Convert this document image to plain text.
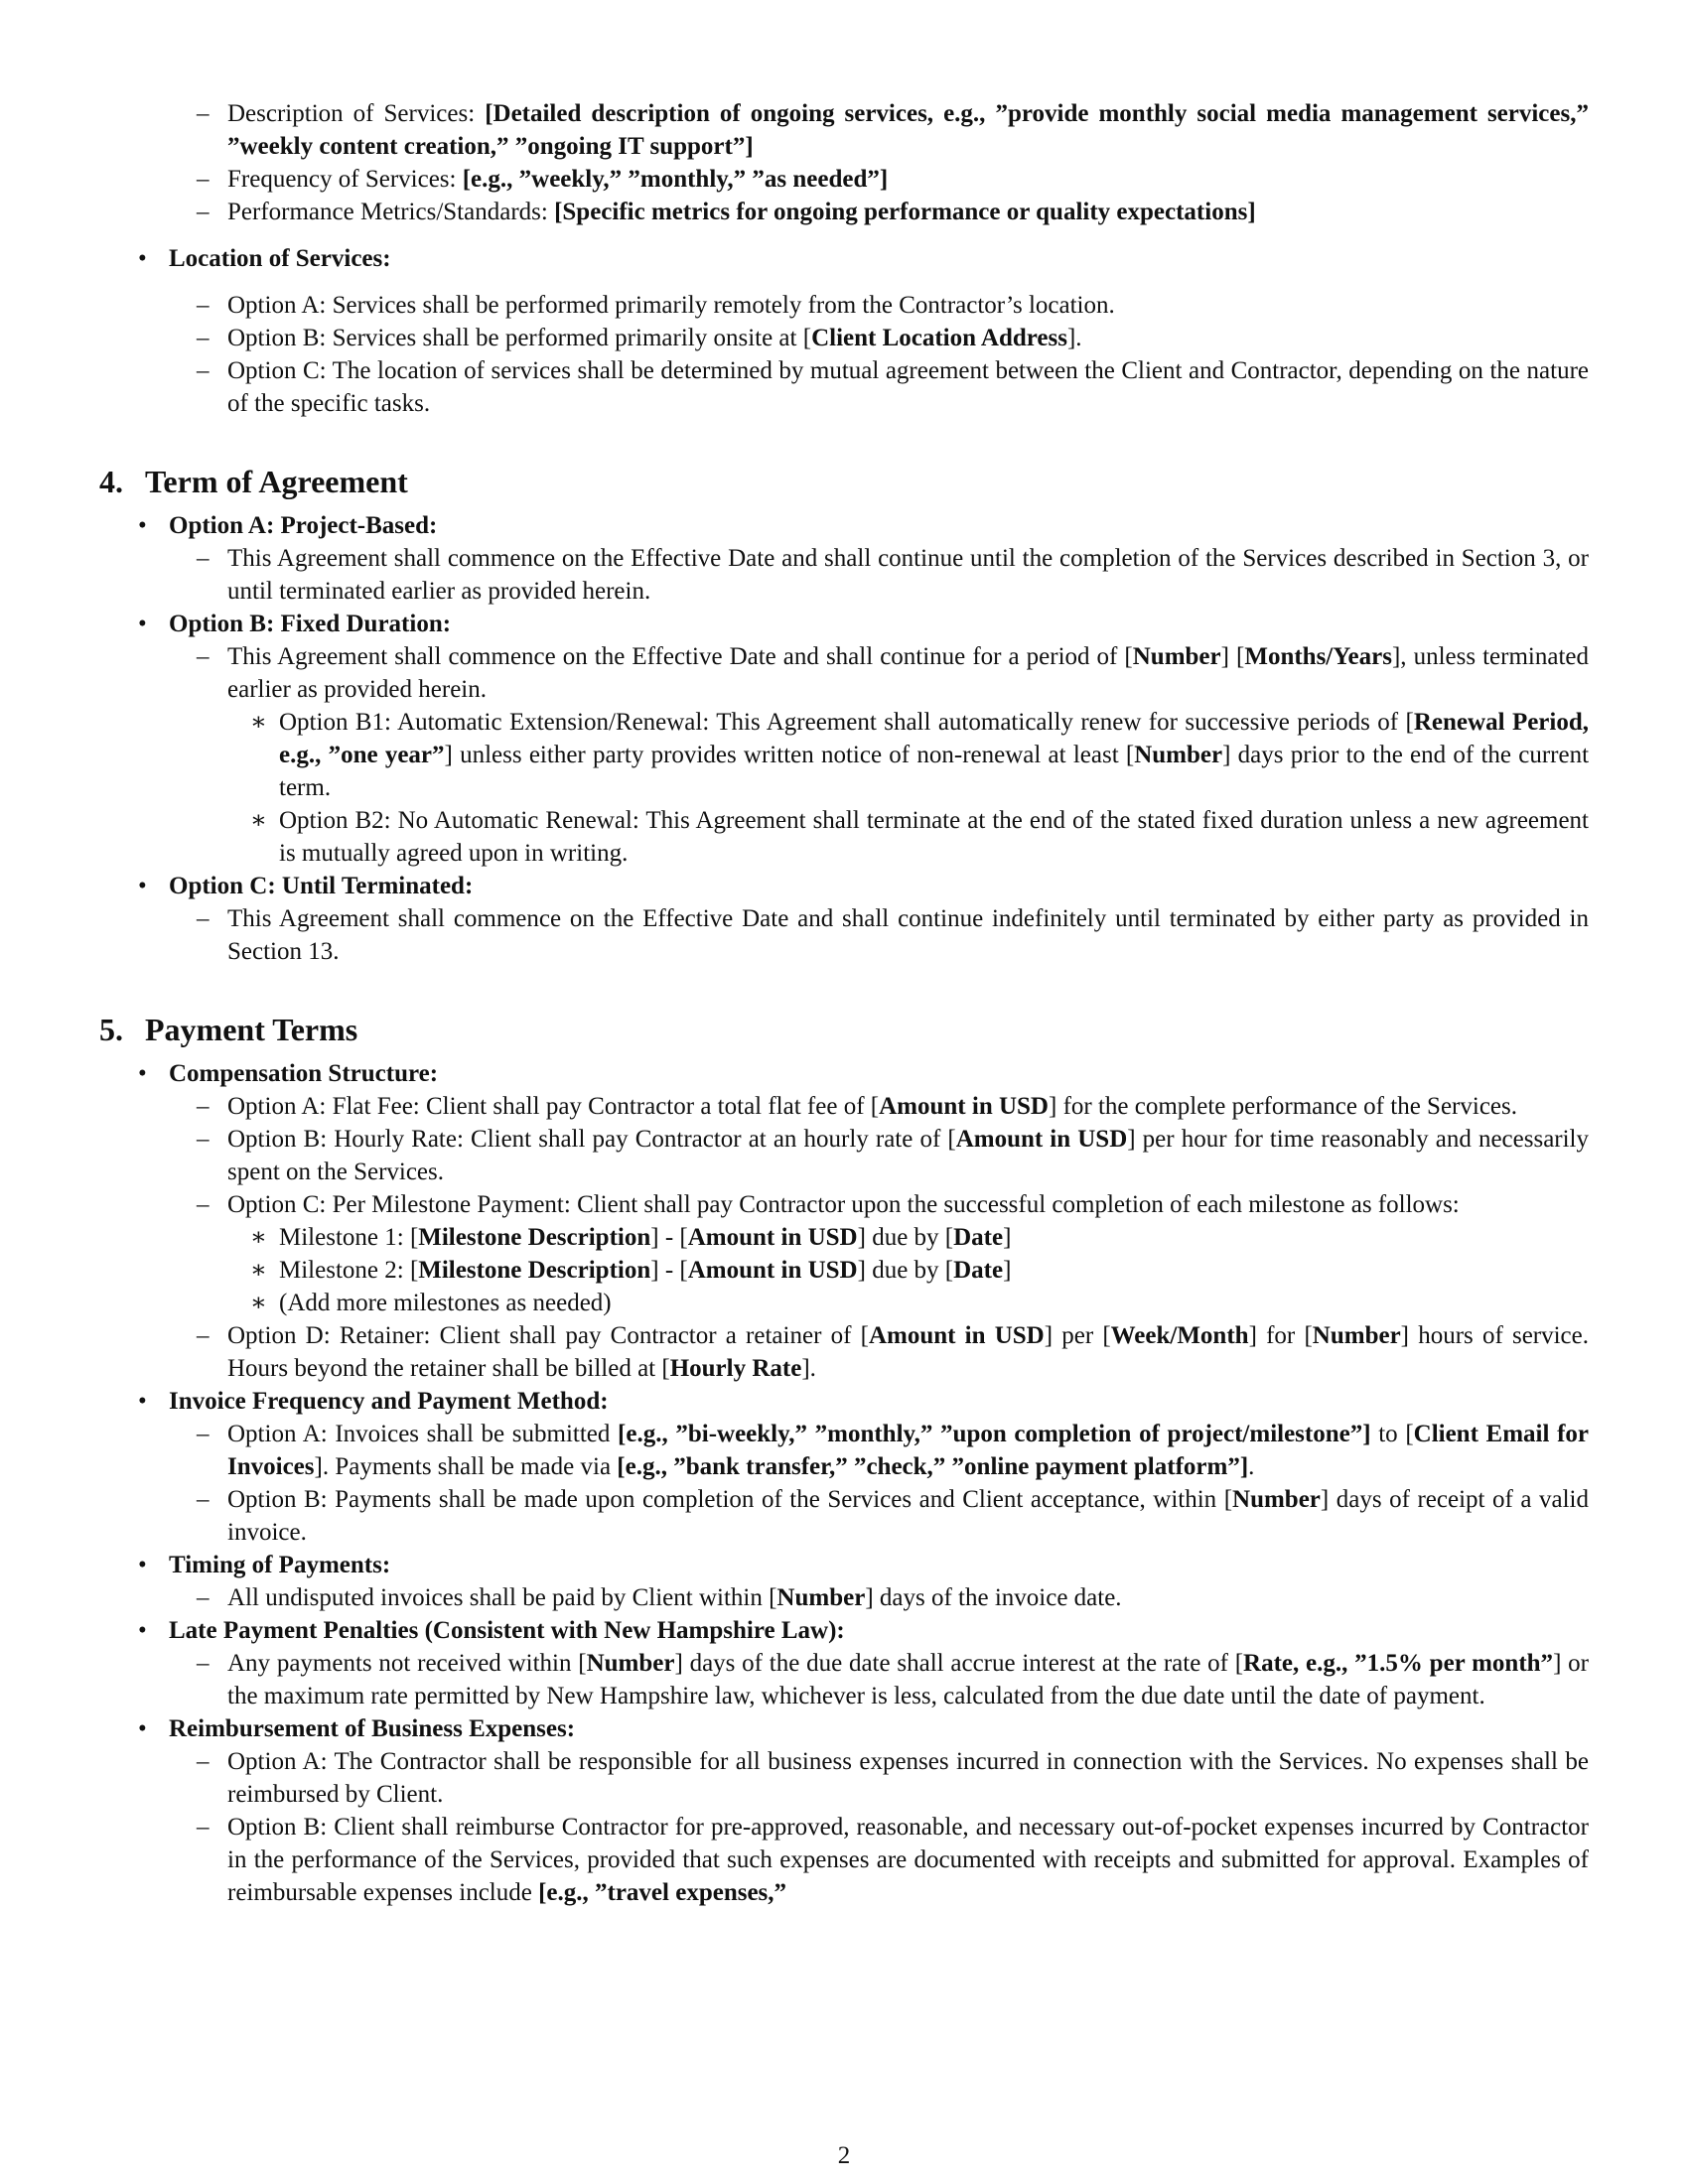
– Description of Services: [Detailed description of ongoing services, e.g., ”provide monthly social media management services,” ”weekly content creation,” ”ongoing IT support”]
– Frequency of Services: [e.g., ”weekly,” ”monthly,” ”as needed”]
– Performance Metrics/Standards: [Specific metrics for ongoing performance or quality expectations]
• Location of Services:
– Option A: Services shall be performed primarily remotely from the Contractor’s location.
– Option B: Services shall be performed primarily onsite at [Client Location Address].
– Option C: The location of services shall be determined by mutual agreement between the Client and Contractor, depending on the nature of the specific tasks.
4. Term of Agreement
• Option A: Project-Based:
– This Agreement shall commence on the Effective Date and shall continue until the completion of the Services described in Section 3, or until terminated earlier as provided herein.
• Option B: Fixed Duration:
– This Agreement shall commence on the Effective Date and shall continue for a period of [Number] [Months/Years], unless terminated earlier as provided herein.
∗ Option B1: Automatic Extension/Renewal: This Agreement shall automatically renew for successive periods of [Renewal Period, e.g., ”one year”] unless either party provides written notice of non-renewal at least [Number] days prior to the end of the current term.
∗ Option B2: No Automatic Renewal: This Agreement shall terminate at the end of the stated fixed duration unless a new agreement is mutually agreed upon in writing.
• Option C: Until Terminated:
– This Agreement shall commence on the Effective Date and shall continue indefinitely until terminated by either party as provided in Section 13.
5. Payment Terms
• Compensation Structure:
– Option A: Flat Fee: Client shall pay Contractor a total flat fee of [Amount in USD] for the complete performance of the Services.
– Option B: Hourly Rate: Client shall pay Contractor at an hourly rate of [Amount in USD] per hour for time reasonably and necessarily spent on the Services.
– Option C: Per Milestone Payment: Client shall pay Contractor upon the successful completion of each milestone as follows:
∗ Milestone 1: [Milestone Description] - [Amount in USD] due by [Date]
∗ Milestone 2: [Milestone Description] - [Amount in USD] due by [Date]
∗ (Add more milestones as needed)
– Option D: Retainer: Client shall pay Contractor a retainer of [Amount in USD] per [Week/Month] for [Number] hours of service. Hours beyond the retainer shall be billed at [Hourly Rate].
• Invoice Frequency and Payment Method:
– Option A: Invoices shall be submitted [e.g., ”bi-weekly,” ”monthly,” ”upon completion of project/milestone”] to [Client Email for Invoices]. Payments shall be made via [e.g., ”bank transfer,” ”check,” ”online payment platform”].
– Option B: Payments shall be made upon completion of the Services and Client acceptance, within [Number] days of receipt of a valid invoice.
• Timing of Payments:
– All undisputed invoices shall be paid by Client within [Number] days of the invoice date.
• Late Payment Penalties (Consistent with New Hampshire Law):
– Any payments not received within [Number] days of the due date shall accrue interest at the rate of [Rate, e.g., ”1.5% per month”] or the maximum rate permitted by New Hampshire law, whichever is less, calculated from the due date until the date of payment.
• Reimbursement of Business Expenses:
– Option A: The Contractor shall be responsible for all business expenses incurred in connection with the Services. No expenses shall be reimbursed by Client.
– Option B: Client shall reimburse Contractor for pre-approved, reasonable, and necessary out-of-pocket expenses incurred by Contractor in the performance of the Services, provided that such expenses are documented with receipts and submitted for approval. Examples of reimbursable expenses include [e.g., ”travel expenses,”
2
